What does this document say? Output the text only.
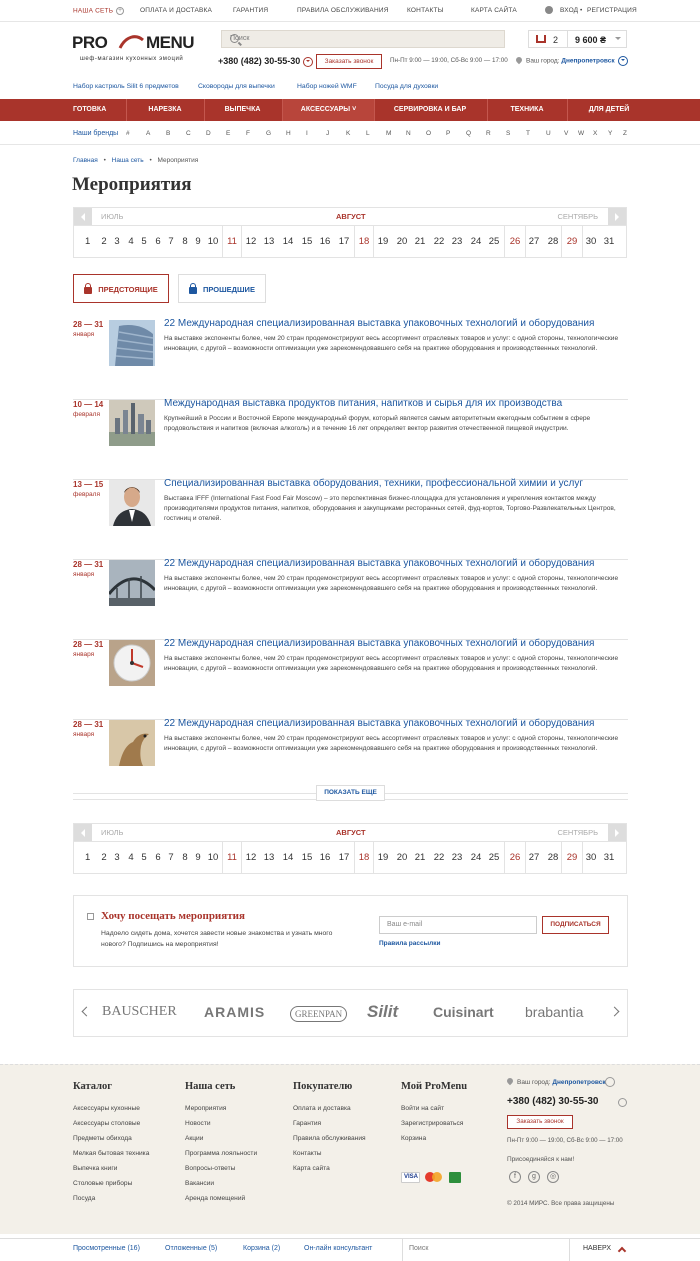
НАША СЕТЬ +	ОПЛАТА И ДОСТАВКА	ГАРАНТИЯ	ПРАВИЛА ОБСЛУЖИВАНИЯ	КОНТАКТЫ	КАРТА САЙТА	ВХОД • РЕГИСТРАЦИЯ
PRO MENU
шеф-магазин кухонных эмоций
Поиск
+380 (482) 30-55-30	Заказать звонок	Пн-Пт 9:00 — 19:00, Сб-Вс 9:00 — 17:00
2 9 600 ₴
Ваш город: Днепропетровск
Набор кастрюль Silit 6 предметов	Сковороды для выпечки	Набор ножей WMF	Посуда для духовки
ГОТОВКА	НАРЕЗКА	ВЫПЕЧКА	АКСЕССУАРЫ ˅	СЕРВИРОВКА И БАР	ТЕХНИКА	ДЛЯ ДЕТЕЙ
Наши бренды #	A B C D E F G H I	J	K L	M N O P Q R S T U V W X Y Z
Главная • Наша сеть • Мероприятия
Мероприятия
ИЮЛЬ	АВГУСТ	СЕНТЯБРЬ
1 2 3 4 5 6 7 8 9 10 11 12 13 14 15 16 17 18 19 20 21 22 23 24 25	26 27 28 29 30 31
ПРЕДСТОЯЩИЕ	ПРОШЕДШИЕ
28 — 31
января
22 Международная специализированная выставка упаковочных технологий и оборудования

На выставке экспоненты более, чем 20 стран продемонстрируют весь ассортимент отраслевых товаров и услуг: с одной стороны, технологические инновации, с другой – возможности оптимизации уже зарекомендовавшего себя на практике оборудования и производственных технологий.

10 — 14
февраля
Международная выставка продуктов питания, напитков и сырья для их производства

Крупнейший в России и Восточной Европе международный форум, который является самым авторитетным ежегодным событием в сфере продовольствия и напитков (включая алкоголь) и в течение 16 лет определяет вектор развития отечественной пищевой индустрии.

13 — 15
февраля
Специализированная выставка оборудования, техники, профессиональной химии и услуг

Выставка IFFF (International Fast Food Fair Moscow) – это перспективная бизнес-площадка для установления и укрепления контактов между производителями продуктов питания, напитков, оборудования и закупщиками ресторанных сетей, фуд-кортов, Торгово-Развлекательных Центров, гостиниц и отелей.

28 — 31
января
22 Международная специализированная выставка упаковочных технологий и оборудования

На выставке экспоненты более, чем 20 стран продемонстрируют весь ассортимент отраслевых товаров и услуг: с одной стороны, технологические инновации, с другой – возможности оптимизации уже зарекомендовавшего себя на практике оборудования и производственных технологий.

28 — 31
января
22 Международная специализированная выставка упаковочных технологий и оборудования

На выставке экспоненты более, чем 20 стран продемонстрируют весь ассортимент отраслевых товаров и услуг: с одной стороны, технологические инновации, с другой – возможности оптимизации уже зарекомендовавшего себя на практике оборудования и производственных технологий.

28 — 31
января
22 Международная специализированная выставка упаковочных технологий и оборудования

На выставке экспоненты более, чем 20 стран продемонстрируют весь ассортимент отраслевых товаров и услуг: с одной стороны, технологические инновации, с другой – возможности оптимизации уже зарекомендовавшего себя на практике оборудования и производственных технологий.

ПОКАЗАТЬ ЕЩЕ
ИЮЛЬ	АВГУСТ	СЕНТЯБРЬ
1 2 3 4 5 6 7 8 9 10 11 12 13 14 15 16 17 18 19 20 21 22 23 24 25	26 27 28 29 30 31
Хочу посещать мероприятия

Надоело сидеть дома, хочется завести новые знакомства и узнать много нового? Подпишись на мероприятия!

Ваш e-mail	ПОДПИСАТЬСЯ
Правила рассылки
BAUSCHER ARAMIS	GREENPAN Silit Cuisinart brabantia
Каталог
Аксессуары кухонные
Аксессуары столовые
Предметы обихода
Мелкая бытовая техника
Выпечка книги
Столовые приборы
Посуда
Наша сеть
Мероприятия
Новости
Акции
Программа лояльности
Вопросы-ответы
Вакансии
Аренда помещений
Покупателю
Оплата и доставка
Гарантия
Правила обслуживания
Контакты
Карта сайта
Мой ProMenu
Войти на сайт
Зарегистрироваться
Корзина
Ваш город: Днепропетровск
+380 (482) 30-55-30
Заказать звонок
Пн-Пт 9:00 — 19:00, Сб-Вс 9:00 — 17:00
Присоединяйся к нам!
f g ◎
VISA
© 2014 МИРС. Все права защищены
Просмотренные (16)	Отложенные (5)	Корзина (2)	Он-лайн консультант	Поиск	НАВЕРХ
